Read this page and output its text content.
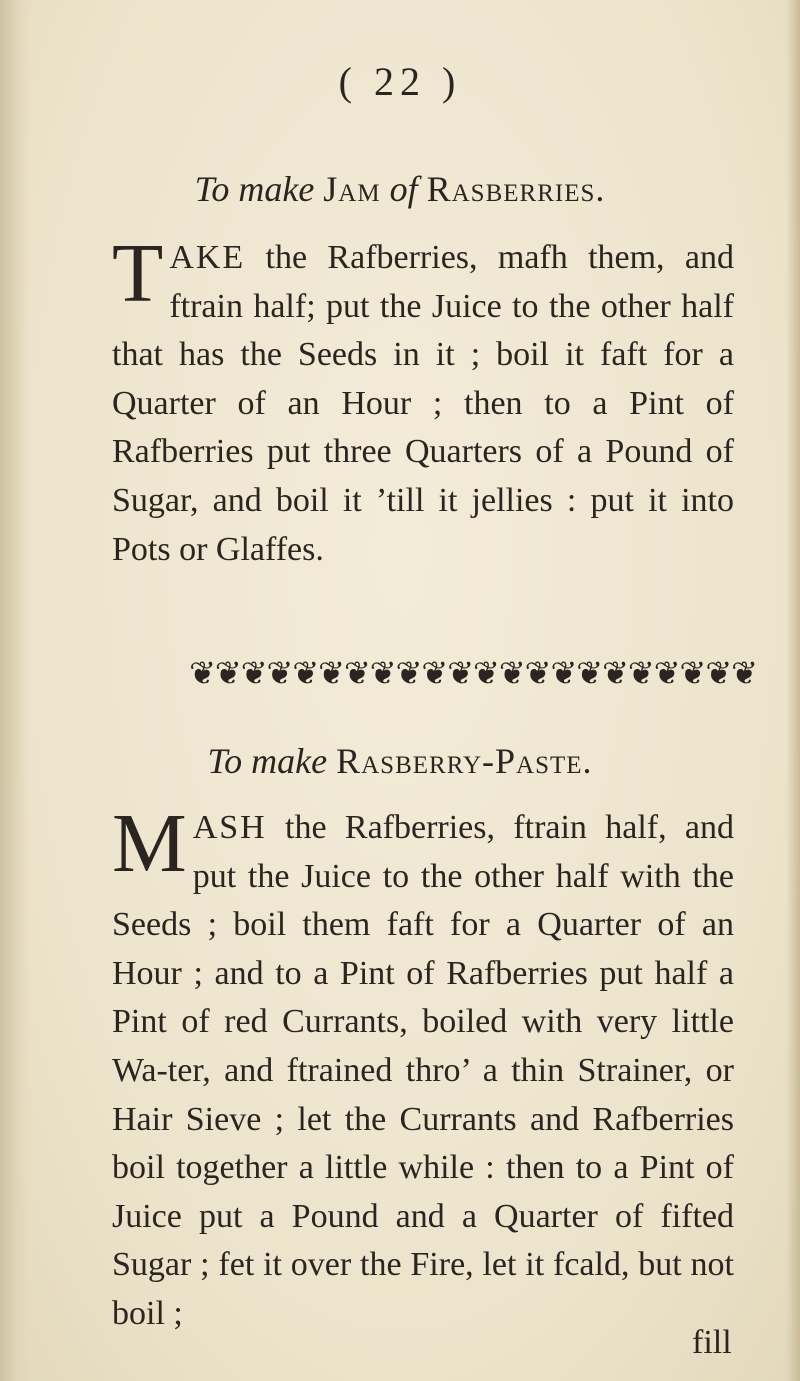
( 22 )
To make Jam of Rasberries.
T AKE the Rafberries, mafh them, and ftrain half; put the Juice to the other half that has the Seeds in it ; boil it faft for a Quarter of an Hour ; then to a Pint of Rafberries put three Quarters of a Pound of Sugar, and boil it ’till it jellies : put it into Pots or Glaffes.
❦❦❦❦❦❦❦❦❦❦❦❦❦❦❦❦❦❦❦❦❦❦
To make Rasberry-Paste.
M ASH the Rafberries, ftrain half, and put the Juice to the other half with the Seeds ; boil them faft for a Quarter of an Hour ; and to a Pint of Rafberries put half a Pint of red Currants, boiled with very little Wa-ter, and ftrained thro’ a thin Strainer, or Hair Sieve ; let the Currants and Rafberries boil together a little while : then to a Pint of Juice put a Pound and a Quarter of fifted Sugar ; fet it over the Fire, let it fcald, but not boil ;
fill
